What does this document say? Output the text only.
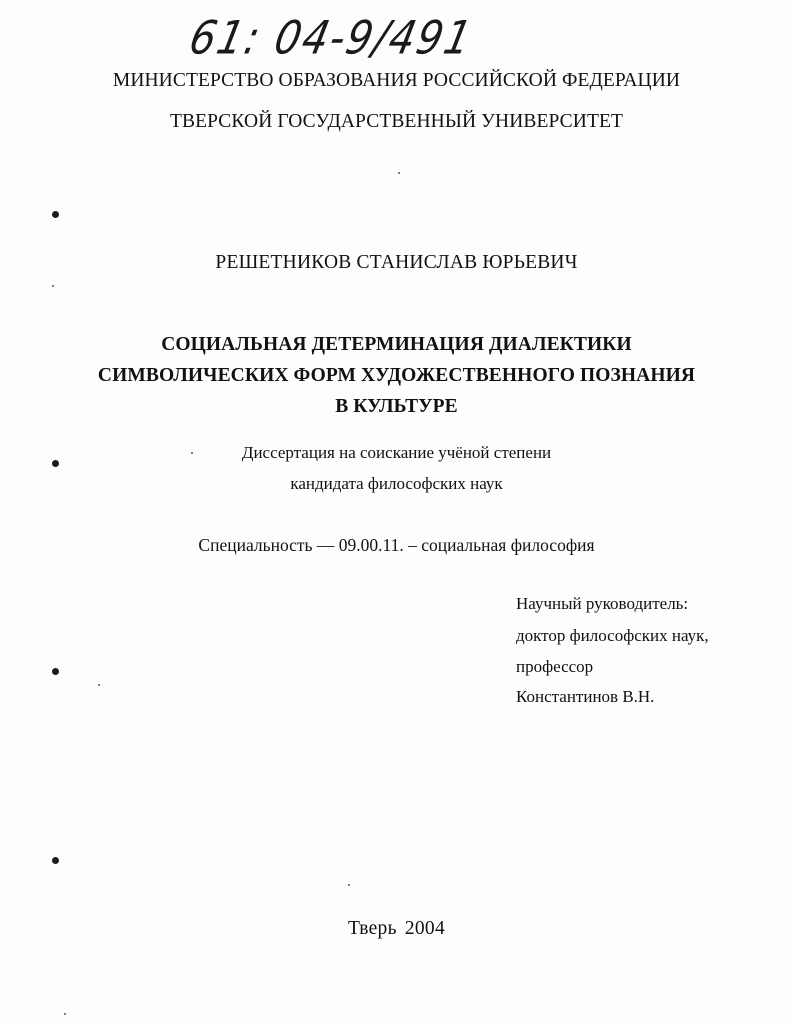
61: 04-9/491
МИНИСТЕРСТВО ОБРАЗОВАНИЯ РОССИЙСКОЙ ФЕДЕРАЦИИ
ТВЕРСКОЙ ГОСУДАРСТВЕННЫЙ УНИВЕРСИТЕТ
РЕШЕТНИКОВ СТАНИСЛАВ ЮРЬЕВИЧ
СОЦИАЛЬНАЯ ДЕТЕРМИНАЦИЯ ДИАЛЕКТИКИ
СИМВОЛИЧЕСКИХ ФОРМ ХУДОЖЕСТВЕННОГО ПОЗНАНИЯ
В КУЛЬТУРЕ
Диссертация на соискание учёной степени
кандидата философских наук
Специальность — 09.00.11. – социальная философия
Научный руководитель:
доктор философских наук,
профессор
Константинов В.Н.
Тверь 2004
